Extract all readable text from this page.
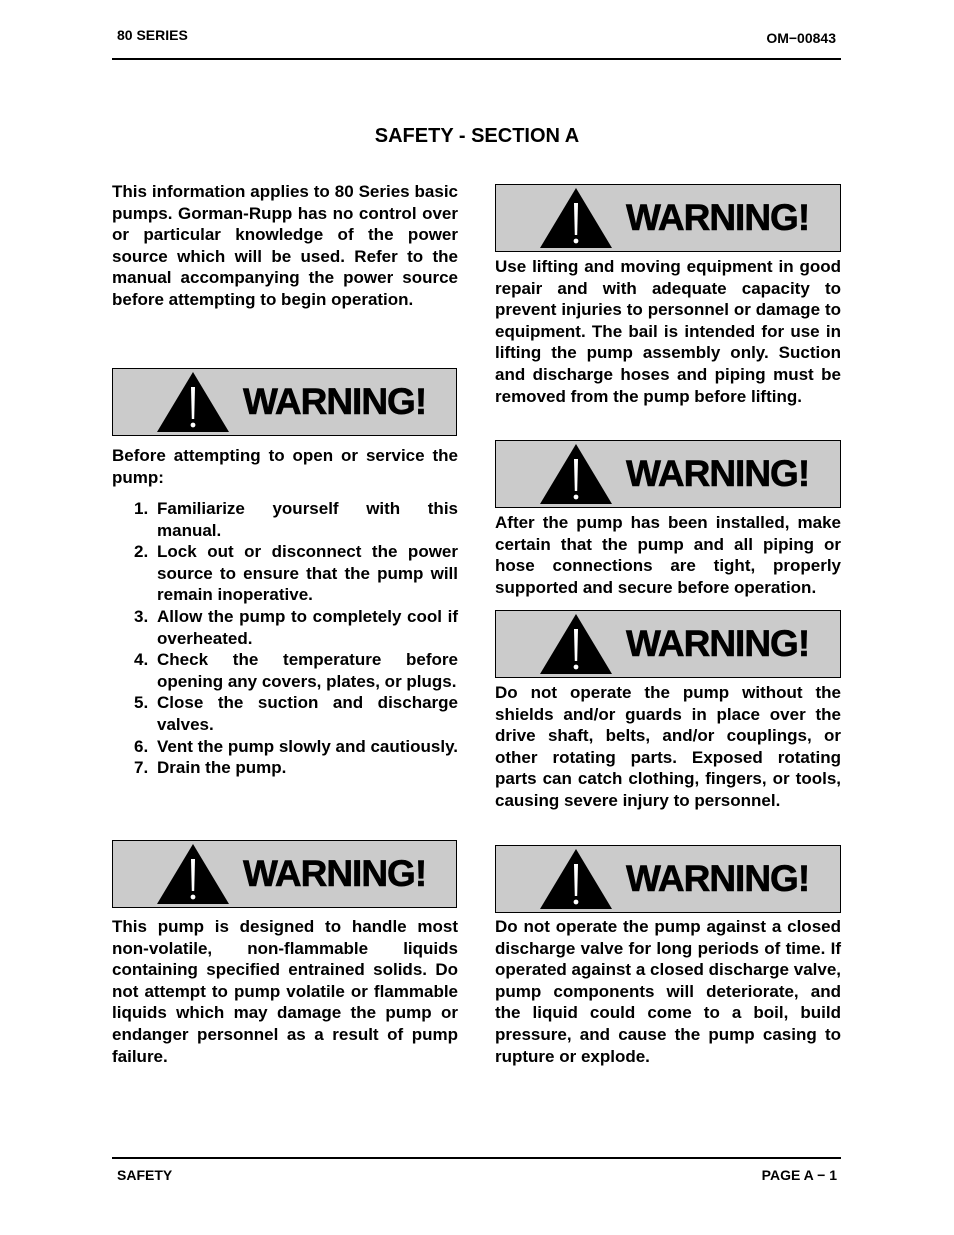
80 SERIES	OM−00843
SAFETY - SECTION A
This information applies to 80 Series basic pumps. Gorman-Rupp has no control over or particular knowledge of the power source which will be used. Refer to the manual accompanying the power source before attempting to begin operation.
WARNING!
Before attempting to open or service the pump:
1. Familiarize yourself with this manual.
2. Lock out or disconnect the power source to ensure that the pump will remain inoperative.
3. Allow the pump to completely cool if overheated.
4. Check the temperature before opening any covers, plates, or plugs.
5. Close the suction and discharge valves.
6. Vent the pump slowly and cautiously.
7. Drain the pump.
WARNING!
This pump is designed to handle most non-volatile, non-flammable liquids containing specified entrained solids. Do not attempt to pump volatile or flammable liquids which may damage the pump or endanger personnel as a result of pump failure.
WARNING!
Use lifting and moving equipment in good repair and with adequate capacity to prevent injuries to personnel or damage to equipment. The bail is intended for use in lifting the pump assembly only. Suction and discharge hoses and piping must be removed from the pump before lifting.
WARNING!
After the pump has been installed, make certain that the pump and all piping or hose connections are tight, properly supported and secure before operation.
WARNING!
Do not operate the pump without the shields and/or guards in place over the drive shaft, belts, and/or couplings, or other rotating parts. Exposed rotating parts can catch clothing, fingers, or tools, causing severe injury to personnel.
WARNING!
Do not operate the pump against a closed discharge valve for long periods of time. If operated against a closed discharge valve, pump components will deteriorate, and the liquid could come to a boil, build pressure, and cause the pump casing to rupture or explode.
SAFETY	PAGE A − 1
